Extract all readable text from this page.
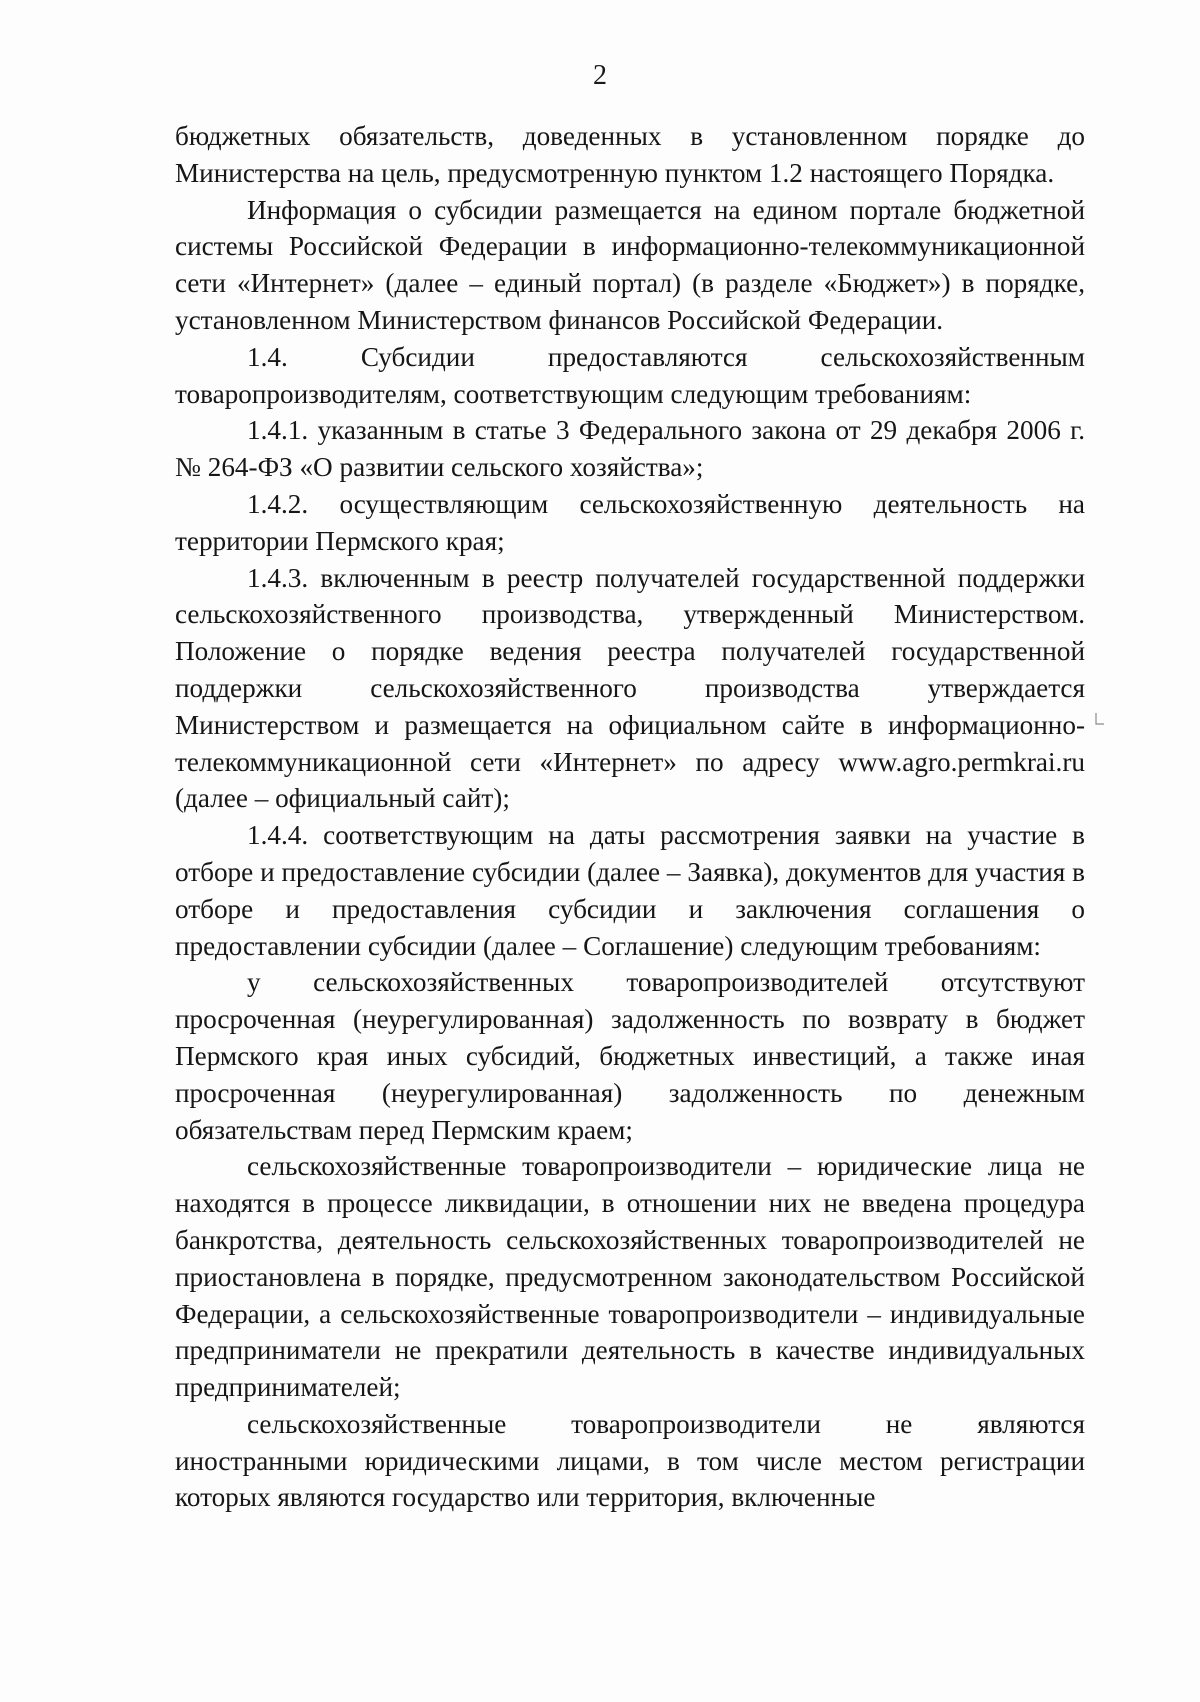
2

бюджетных обязательств, доведенных в установленном порядке до Министерства на цель, предусмотренную пунктом 1.2 настоящего Порядка.

Информация о субсидии размещается на едином портале бюджетной системы Российской Федерации в информационно-телекоммуникационной сети «Интернет» (далее – единый портал) (в разделе «Бюджет») в порядке, установленном Министерством финансов Российской Федерации.

1.4. Субсидии предоставляются сельскохозяйственным товаропроизводителям, соответствующим следующим требованиям:

1.4.1. указанным в статье 3 Федерального закона от 29 декабря 2006 г. № 264-ФЗ «О развитии сельского хозяйства»;

1.4.2. осуществляющим сельскохозяйственную деятельность на территории Пермского края;

1.4.3. включенным в реестр получателей государственной поддержки сельскохозяйственного производства, утвержденный Министерством. Положение о порядке ведения реестра получателей государственной поддержки сельскохозяйственного производства утверждается Министерством и размещается на официальном сайте в информационно-телекоммуникационной сети «Интернет» по адресу www.agro.permkrai.ru (далее – официальный сайт);

1.4.4. соответствующим на даты рассмотрения заявки на участие в отборе и предоставление субсидии (далее – Заявка), документов для участия в отборе и предоставления субсидии и заключения соглашения о предоставлении субсидии (далее – Соглашение) следующим требованиям:

у сельскохозяйственных товаропроизводителей отсутствуют просроченная (неурегулированная) задолженность по возврату в бюджет Пермского края иных субсидий, бюджетных инвестиций, а также иная просроченная (неурегулированная) задолженность по денежным обязательствам перед Пермским краем;

сельскохозяйственные товаропроизводители – юридические лица не находятся в процессе ликвидации, в отношении них не введена процедура банкротства, деятельность сельскохозяйственных товаропроизводителей не приостановлена в порядке, предусмотренном законодательством Российской Федерации, а сельскохозяйственные товаропроизводители – индивидуальные предприниматели не прекратили деятельность в качестве индивидуальных предпринимателей;

сельскохозяйственные товаропроизводители не являются иностранными юридическими лицами, в том числе местом регистрации которых являются государство или территория, включенные
